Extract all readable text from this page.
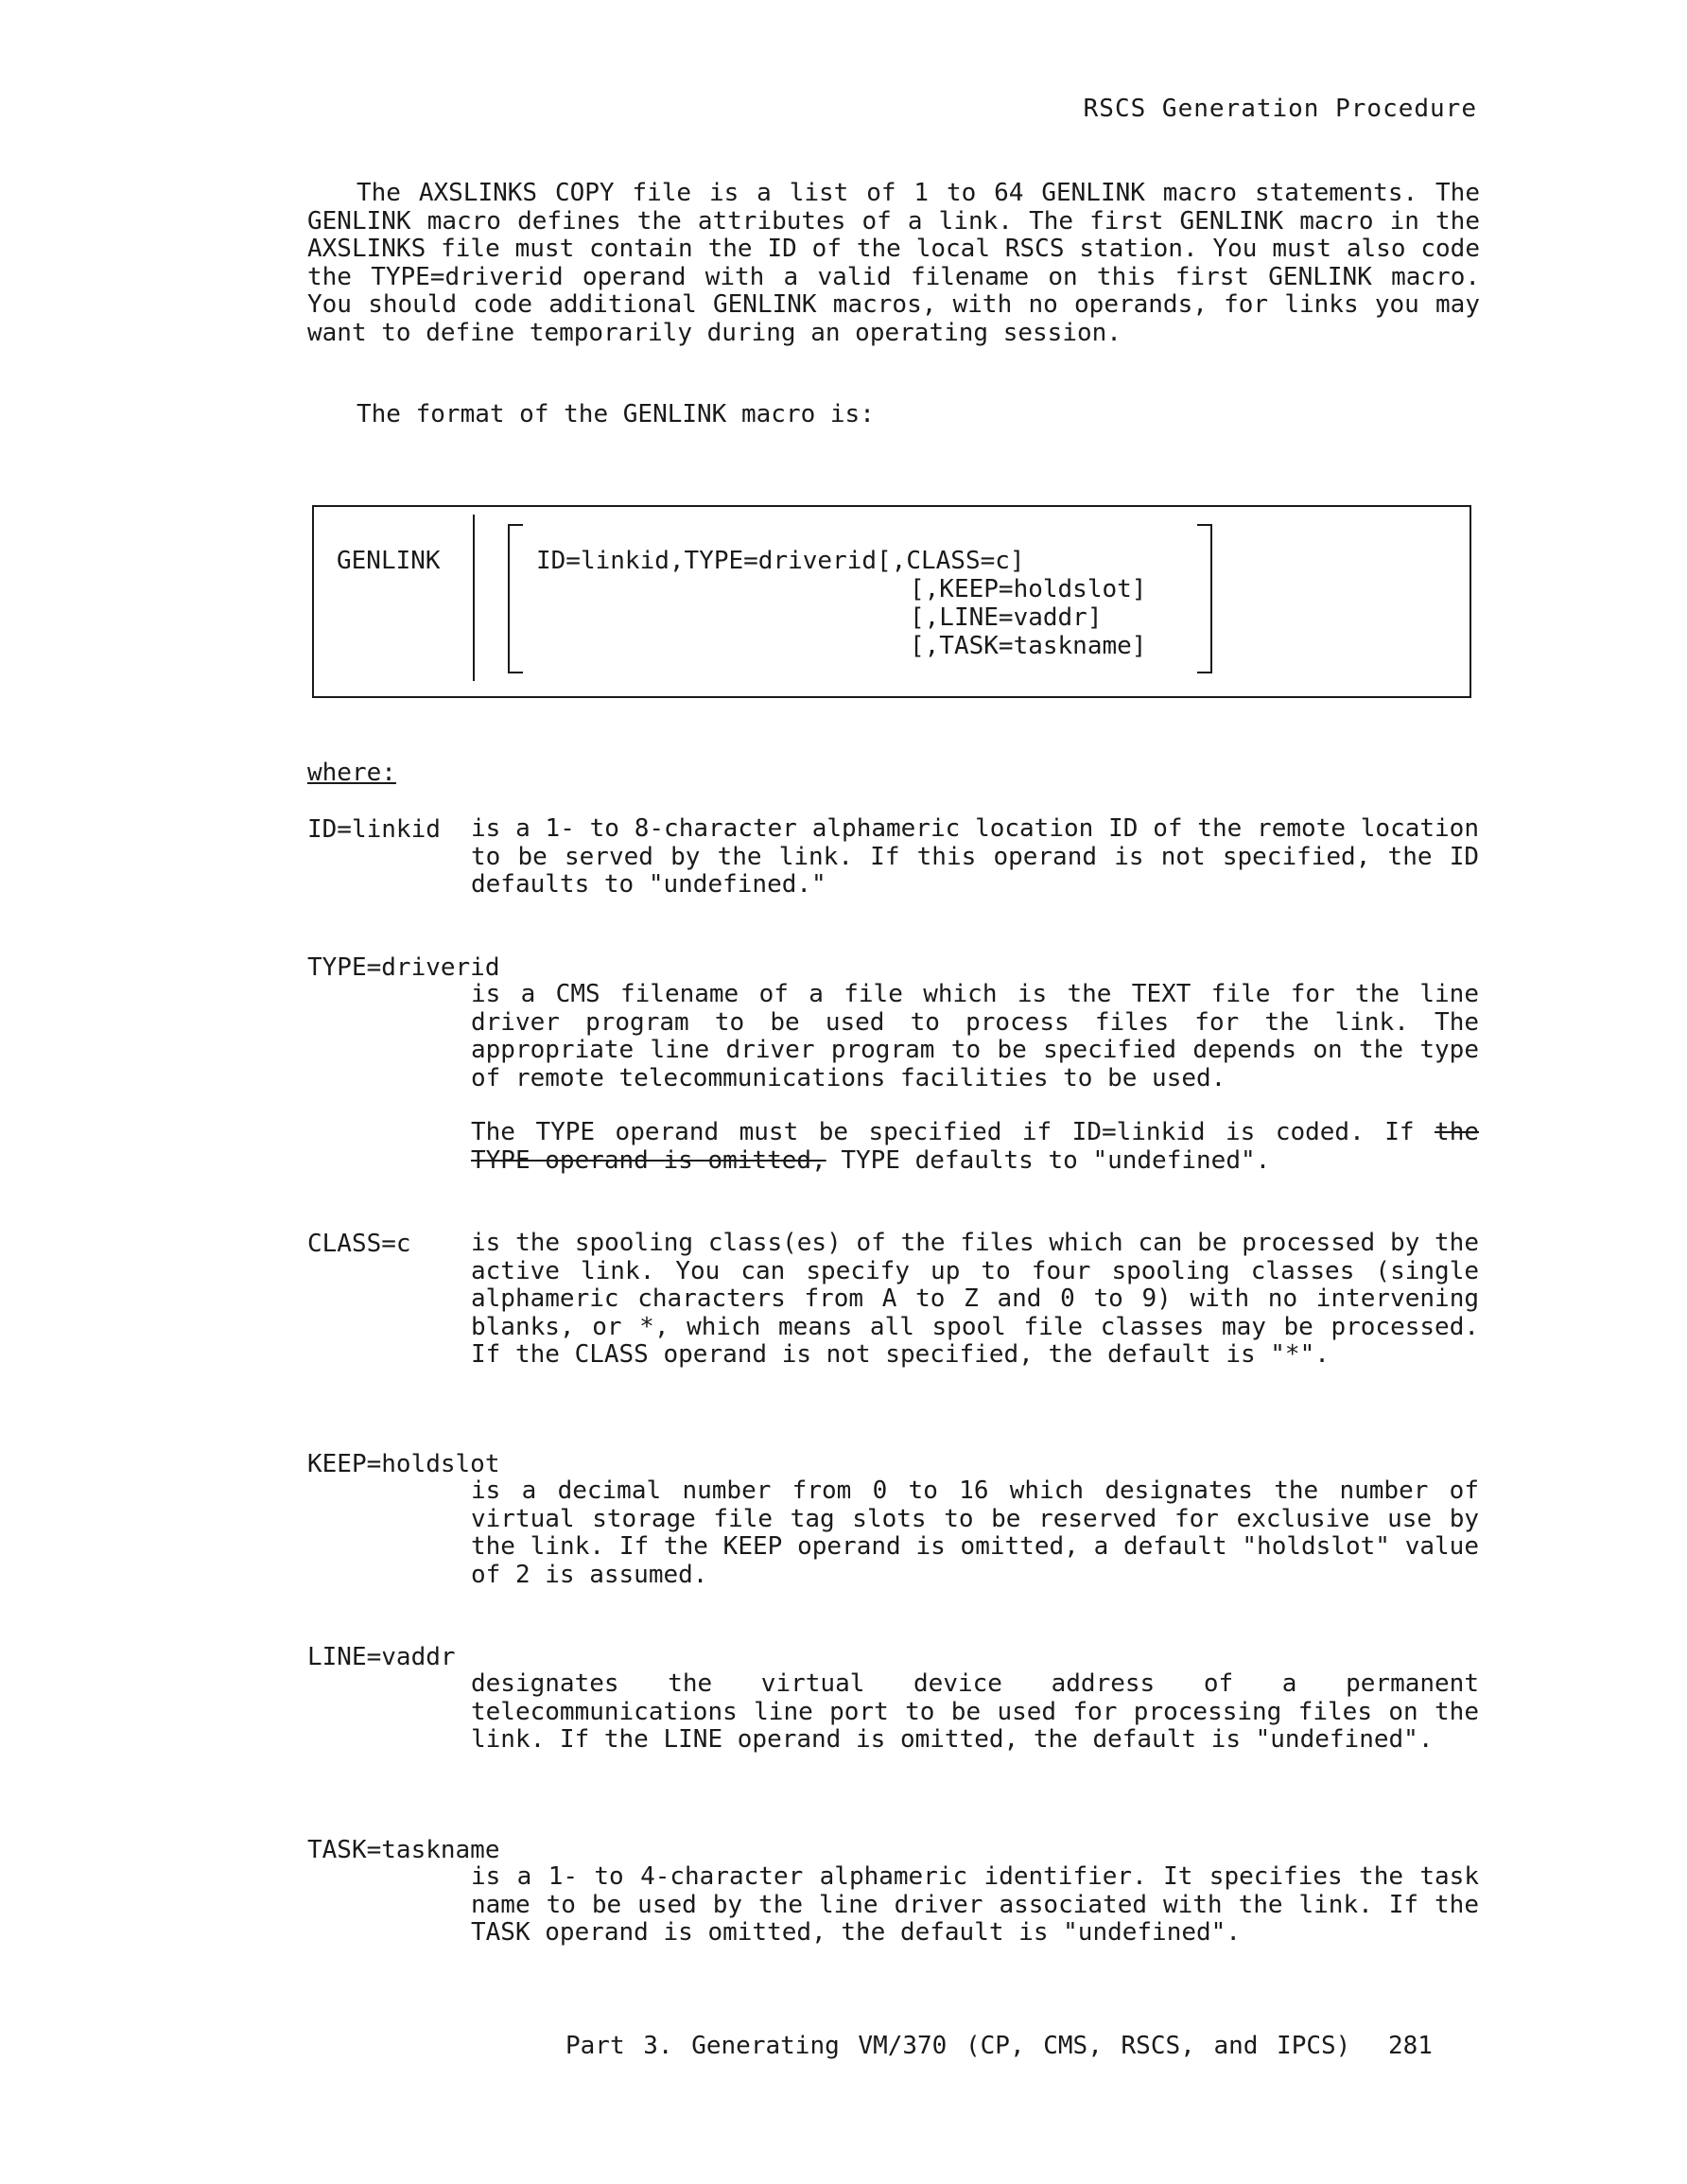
RSCS Generation Procedure
The AXSLINKS COPY file is a list of 1 to 64 GENLINK macro statements. The GENLINK macro defines the attributes of a link. The first GENLINK macro in the AXSLINKS file must contain the ID of the local RSCS station. You must also code the TYPE=driverid operand with a valid filename on this first GENLINK macro. You should code additional GENLINK macros, with no operands, for links you may want to define temporarily during an operating session.
The format of the GENLINK macro is:
GENLINK	ID=linkid,TYPE=driverid[,CLASS=c]
[,KEEP=holdslot]
[,LINE=vaddr]
[,TASK=taskname]
where:
ID=linkid is a 1- to 8-character alphameric location ID of the remote location to be served by the link. If this operand is not specified, the ID defaults to "undefined."
TYPE=driverid
is a CMS filename of a file which is the TEXT file for the line driver program to be used to process files for the link. The appropriate line driver program to be specified depends on the type of remote telecommunications facilities to be used.
The TYPE operand must be specified if ID=linkid is coded. If the TYPE operand is omitted, TYPE defaults to "undefined".
CLASS=c is the spooling class(es) of the files which can be processed by the active link. You can specify up to four spooling classes (single alphameric characters from A to Z and 0 to 9) with no intervening blanks, or *, which means all spool file classes may be processed. If the CLASS operand is not specified, the default is "*".
KEEP=holdslot
is a decimal number from 0 to 16 which designates the number of virtual storage file tag slots to be reserved for exclusive use by the link. If the KEEP operand is omitted, a default "holdslot" value of 2 is assumed.
LINE=vaddr
designates the virtual device address of a permanent telecommunications line port to be used for processing files on the link. If the LINE operand is omitted, the default is "undefined".
TASK=taskname
is a 1- to 4-character alphameric identifier. It specifies the task name to be used by the line driver associated with the link. If the TASK operand is omitted, the default is "undefined".
Part 3. Generating VM/370 (CP, CMS, RSCS, and IPCS) 281
